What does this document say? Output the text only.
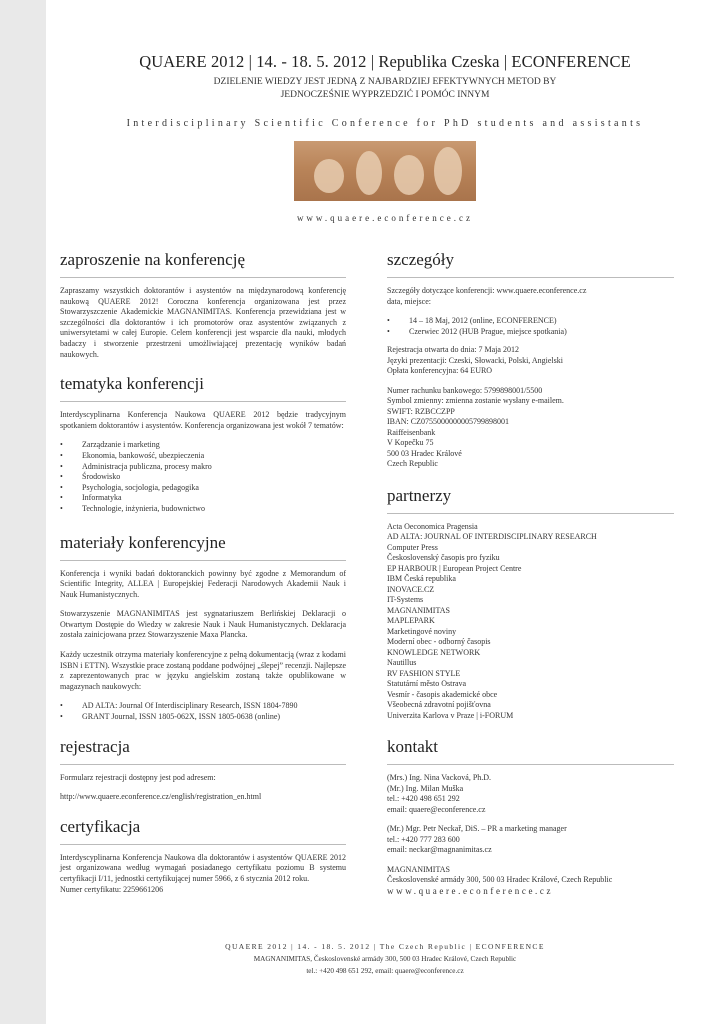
QUAERE 2012 | 14. - 18. 5. 2012 | Republika Czeska | ECONFERENCE
DZIELENIE WIEDZY JEST JEDNĄ Z NAJBARDZIEJ EFEKTYWNYCH METOD BY
JEDNOCZEŚNIE WYPRZEDZIĆ I POMÓC INNYM
Interdisciplinary Scientific Conference for PhD students and assistants
www.quaere.econference.cz
zaproszenie na konferencję

Zapraszamy wszystkich doktorantów i asystentów na międzynarodową konferencję naukową QUAERE 2012! Coroczna konferencja organizowana jest przez Stowarzyszczenie Akademickie MAGNANIMITAS. Konferencja przewidziana jest w szczególności dla doktorantów i ich promotorów oraz asystentów związanych z uniwersytetami w całej Europie. Celem konferencji jest wsparcie dla nauki, młodych badaczy i stworzenie przestrzeni umożliwiającej prezentację wyników badań naukowych.

tematyka konferencji

Interdyscyplinarna Konferencja Naukowa QUAERE 2012 będzie tradycyjnym spotkaniem doktorantów i asystentów. Konferencja organizowana jest wokół 7 tematów:

• Zarządzanie i marketing
• Ekonomia, bankowość, ubezpieczenia
• Administracja publiczna, procesy makro
• Środowisko
• Psychologia, socjologia, pedagogika
• Informatyka
• Technologie, inżynieria, budownictwo
materiały konferencyjne

Konferencja i wyniki badań doktoranckich powinny być zgodne z Memorandum of Scientific Integrity, ALLEA | Europejskiej Federacji Narodowych Akademii Nauk i Nauk Humanistycznych.

Stowarzyszenie MAGNANIMITAS jest sygnatariuszem Berlińskiej Deklaracji o Otwartym Dostępie do Wiedzy w zakresie Nauk i Nauk Humanistycznych. Deklaracja została zainicjowana przez Stowarzyszenie Maxa Plancka.

Każdy uczestnik otrzyma materiały konferencyjne z pełną dokumentacją (wraz z kodami ISBN i ETTN). Wszystkie prace zostaną poddane podwójnej „ślepej” recenzji. Najlepsze z zaprezentowanych prac w języku angielskim zostaną także opublikowane w magazynach naukowych:

• AD ALTA: Journal Of Interdisciplinary Research, ISSN 1804-7890
• GRANT Journal, ISSN 1805-062X, ISSN 1805-0638 (online)
rejestracja

Formularz rejestracji dostępny jest pod adresem:

http://www.quaere.econference.cz/english/registration_en.html

certyfikacja

Interdyscyplinarna Konferencja Naukowa dla doktorantów i asystentów QUAERE 2012 jest organizowana według wymagań posiadanego certyfikatu poziomu B systemu certyfikacji I/11, jednostki certyfikującej numer 5966, z 6 stycznia 2012 roku.

Numer certyfikatu: 2259661206

szczegóły
Szczegóły dotyczące konferencji: www.quaere.econference.cz
data, miejsce:
• 14 – 18 Maj, 2012 (online, ECONFERENCE)
• Czerwiec 2012 (HUB Prague, miejsce spotkania)
Rejestracja otwarta do dnia: 7 Maja 2012
Języki prezentacji: Czeski, Słowacki, Polski, Angielski
Opłata konferencyjna: 64 EURO
Numer rachunku bankowego: 5799898001/5500
Symbol zmienny: zmienna zostanie wysłany e-mailem.
SWIFT: RZBCCZPP
IBAN: CZ0755000000005799898001
Raiffeisenbank
V Kopečku 75
500 03 Hradec Králové
Czech Republic
partnerzy
Acta Oeconomica Pragensia
AD ALTA: JOURNAL OF INTERDISCIPLINARY RESEARCH
Computer Press
Československý časopis pro fyziku
EP HARBOUR | European Project Centre
IBM Česká republika
INOVACE.CZ
IT-Systems
MAGNANIMITAS
MAPLEPARK
Marketingové noviny
Moderní obec - odborný časopis
KNOWLEDGE NETWORK
Nautillus
RV FASHION STYLE
Statutární město Ostrava
Vesmír - časopis akademické obce
Všeobecná zdravotní pojišťovna
Univerzita Karlova v Praze | i-FORUM
kontakt
(Mrs.) Ing. Nina Vacková, Ph.D.
(Mr.) Ing. Milan Muška
tel.: +420 498 651 292
email: quaere@econference.cz
(Mr.) Mgr. Petr Neckař, DiS. – PR a marketing manager
tel.: +420 777 283 600
email: neckar@magnanimitas.cz
MAGNANIMITAS
Československé armády 300, 500 03 Hradec Králové, Czech Republic
www.quaere.econference.cz
QUAERE 2012 | 14. - 18. 5. 2012 | The Czech Republic | ECONFERENCE
MAGNANIMITAS, Československé armády 300, 500 03 Hradec Králové, Czech Republic
tel.: +420 498 651 292, email: quaere@econference.cz
